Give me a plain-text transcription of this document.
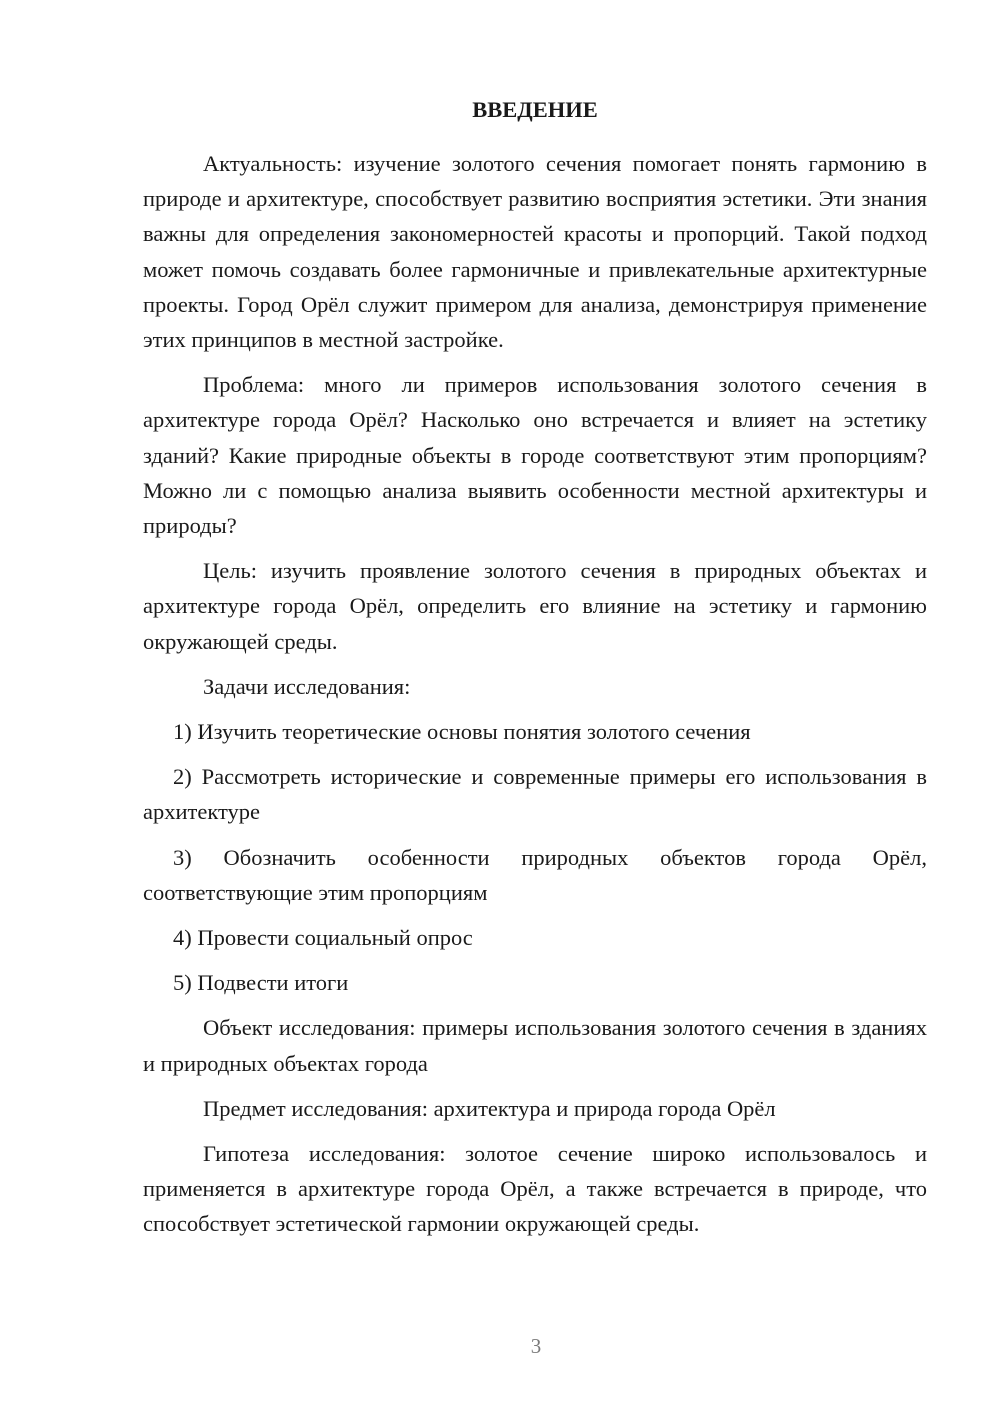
ВВЕДЕНИЕ

Актуальность: изучение золотого сечения помогает понять гармонию в природе и архитектуре, способствует развитию восприятия эстетики. Эти знания важны для определения закономерностей красоты и пропорций. Такой подход может помочь создавать более гармоничные и привлекательные архитектурные проекты. Город Орёл служит примером для анализа, демонстрируя применение этих принципов в местной застройке.

Проблема: много ли примеров использования золотого сечения в архитектуре города Орёл? Насколько оно встречается и влияет на эстетику зданий? Какие природные объекты в городе соответствуют этим пропорциям? Можно ли с помощью анализа выявить особенности местной архитектуры и природы?

Цель: изучить проявление золотого сечения в природных объектах и архитектуре города Орёл, определить его влияние на эстетику и гармонию окружающей среды.

Задачи исследования:

1) Изучить теоретические основы понятия золотого сечения

2) Рассмотреть исторические и современные примеры его использования в архитектуре

3) Обозначить особенности природных объектов города Орёл, соответствующие этим пропорциям

4) Провести социальный опрос

5) Подвести итоги

Объект исследования: примеры использования золотого сечения в зданиях и природных объектах города

Предмет исследования: архитектура и природа города Орёл

Гипотеза исследования: золотое сечение широко использовалось и применяется в архитектуре города Орёл, а также встречается в природе, что способствует эстетической гармонии окружающей среды.

3
